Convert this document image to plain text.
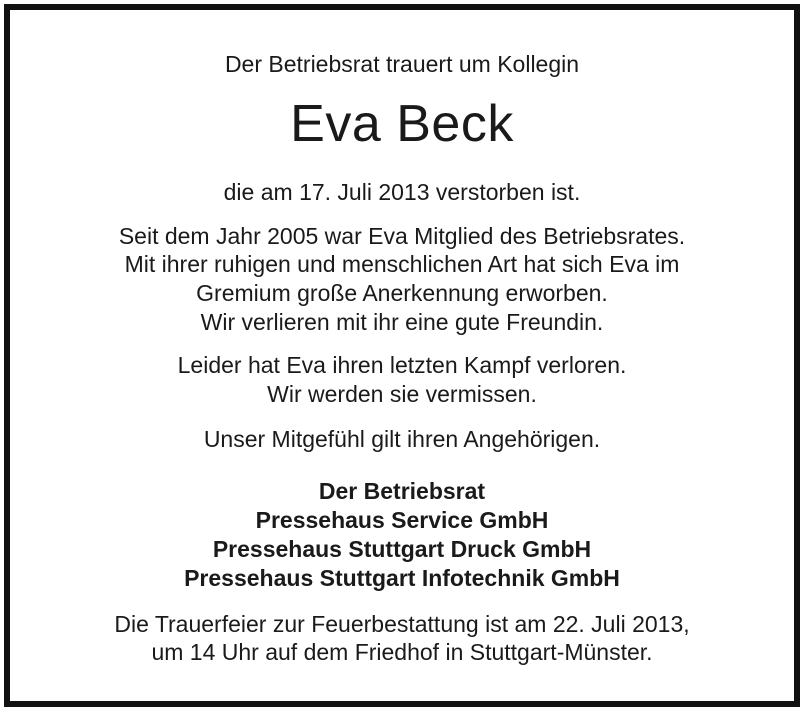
Der Betriebsrat trauert um Kollegin
Eva Beck
die am 17. Juli 2013 verstorben ist.
Seit dem Jahr 2005 war Eva Mitglied des Betriebsrates.
Mit ihrer ruhigen und menschlichen Art hat sich Eva im
Gremium große Anerkennung erworben.
Wir verlieren mit ihr eine gute Freundin.
Leider hat Eva ihren letzten Kampf verloren.
Wir werden sie vermissen.
Unser Mitgefühl gilt ihren Angehörigen.
Der Betriebsrat
Pressehaus Service GmbH
Pressehaus Stuttgart Druck GmbH
Pressehaus Stuttgart Infotechnik GmbH
Die Trauerfeier zur Feuerbestattung ist am 22. Juli 2013,
um 14 Uhr auf dem Friedhof in Stuttgart-Münster.
